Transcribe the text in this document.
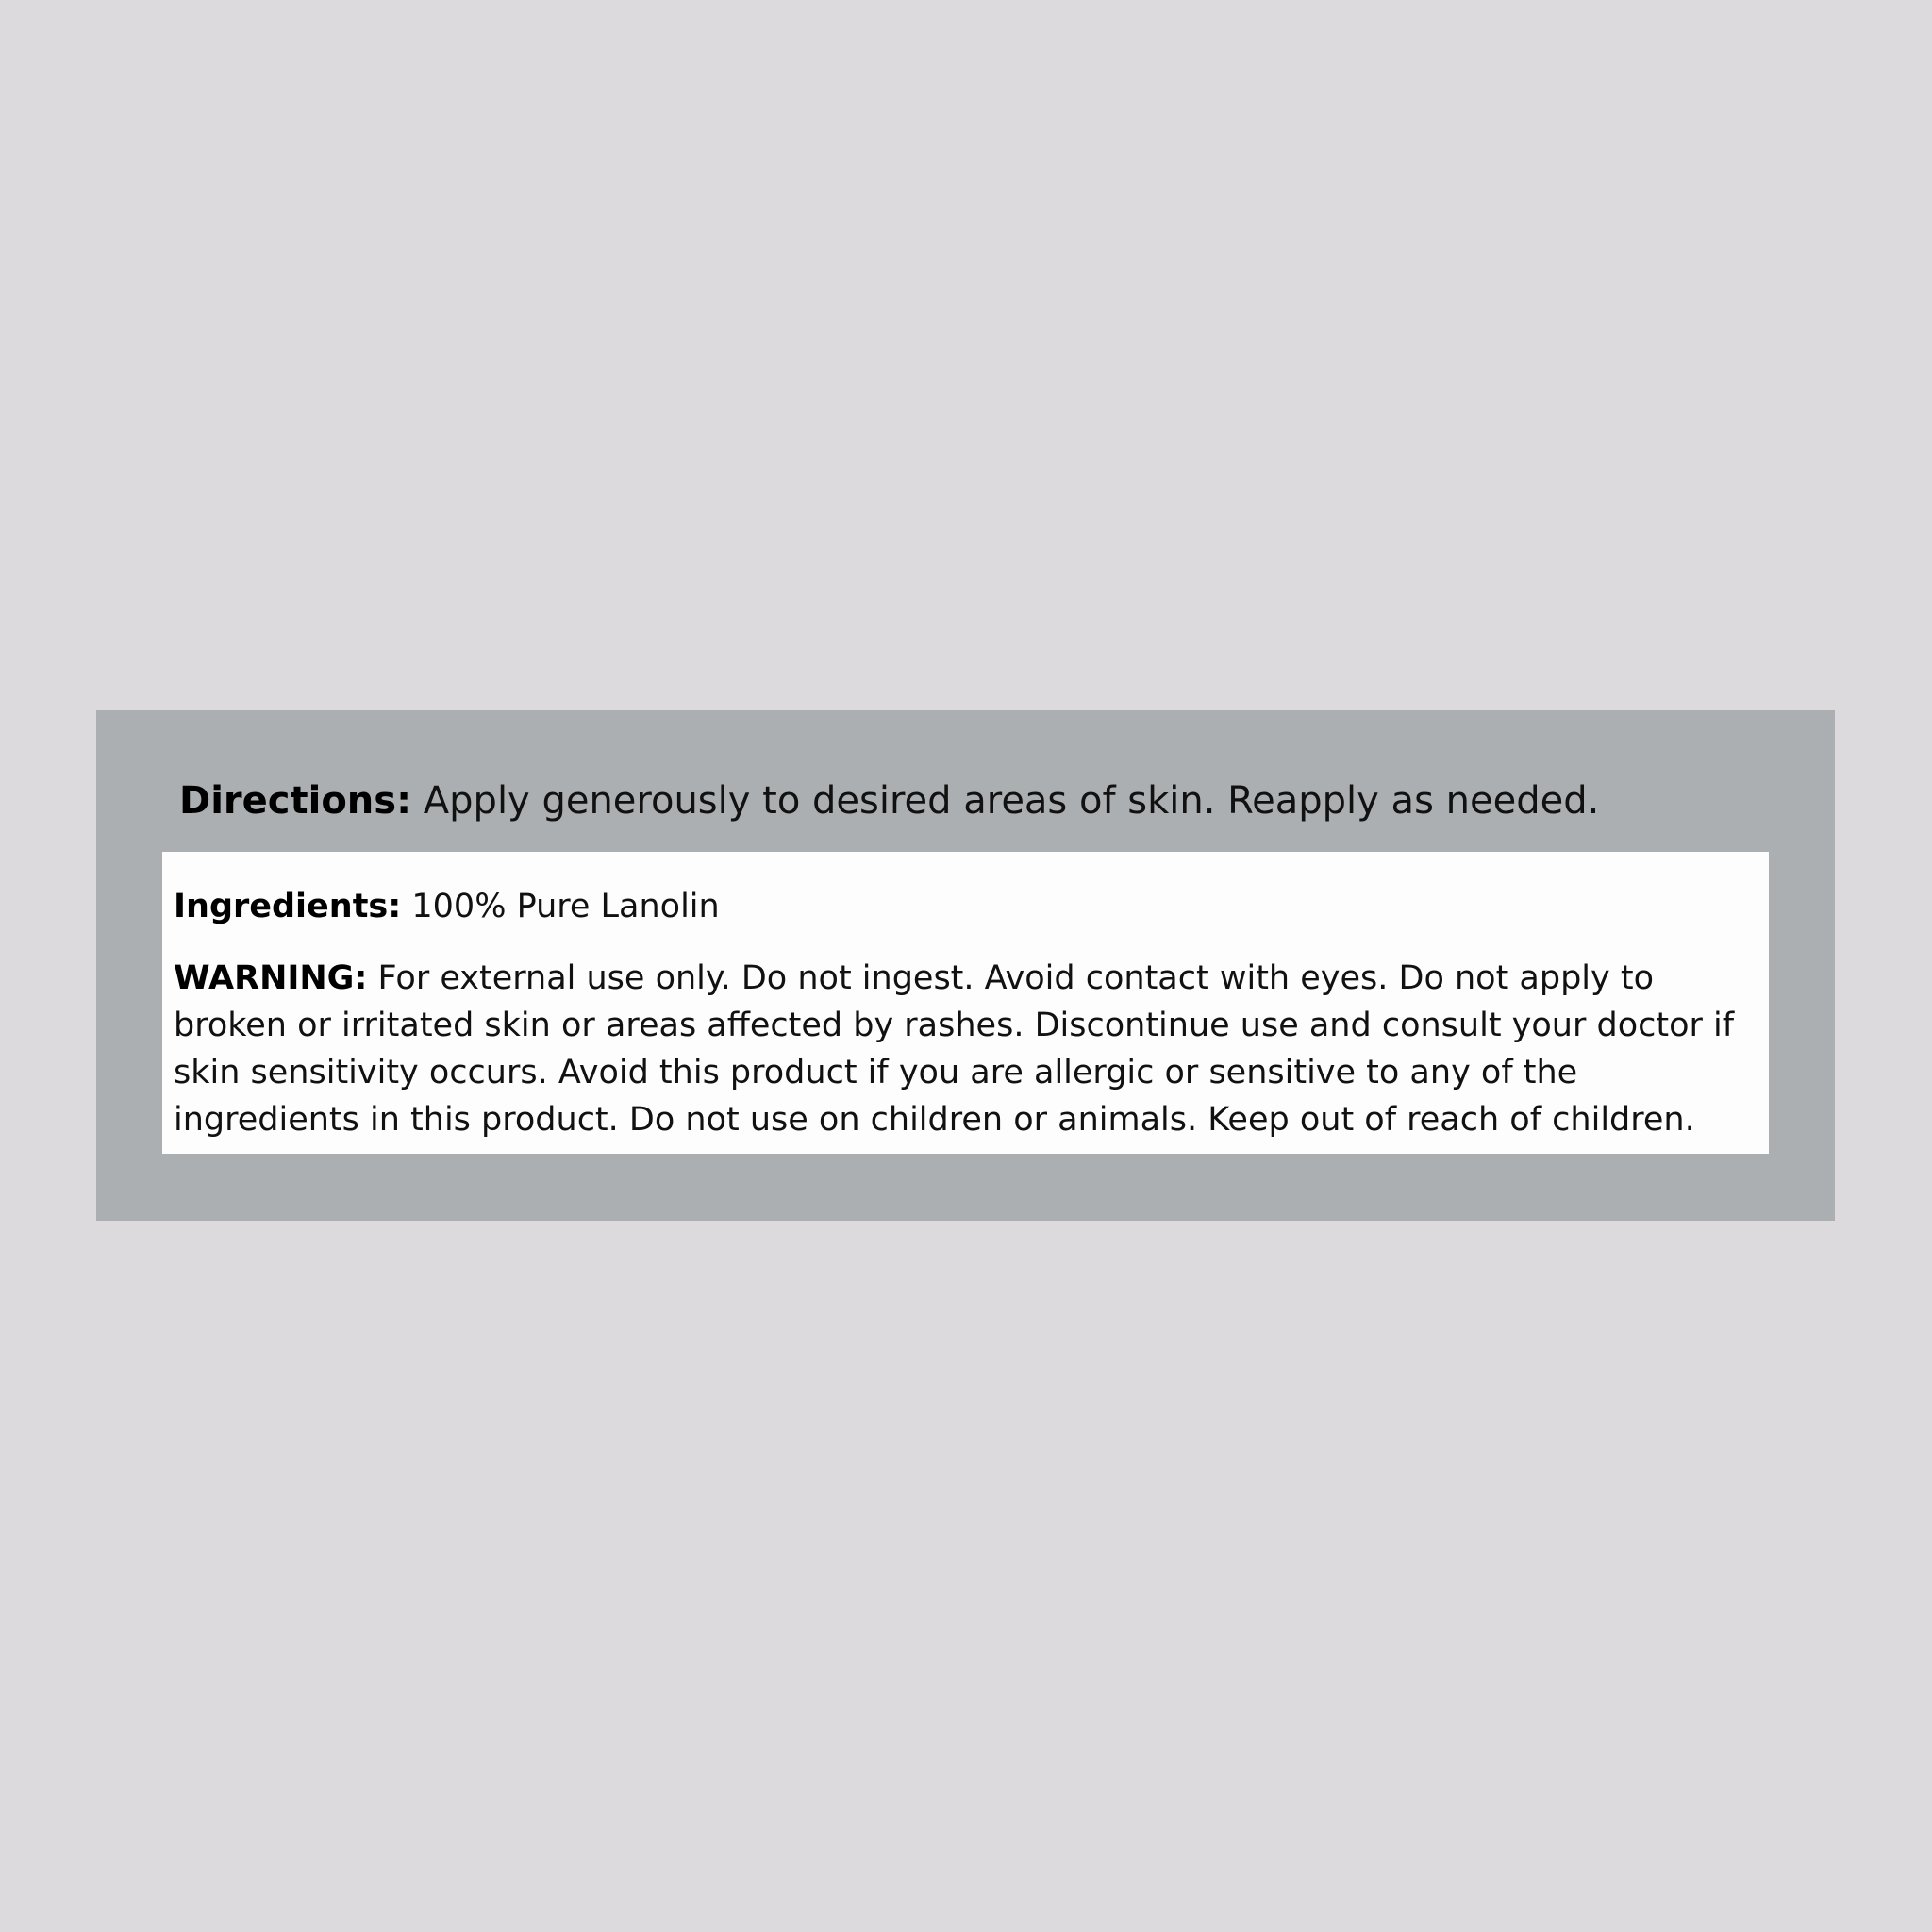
Directions: Apply generously to desired areas of skin. Reapply as needed.

Ingredients: 100% Pure Lanolin

WARNING: For external use only. Do not ingest. Avoid contact with eyes. Do not apply to broken or irritated skin or areas affected by rashes. Discontinue use and consult your doctor if skin sensitivity occurs. Avoid this product if you are allergic or sensitive to any of the ingredients in this product. Do not use on children or animals. Keep out of reach of children.
